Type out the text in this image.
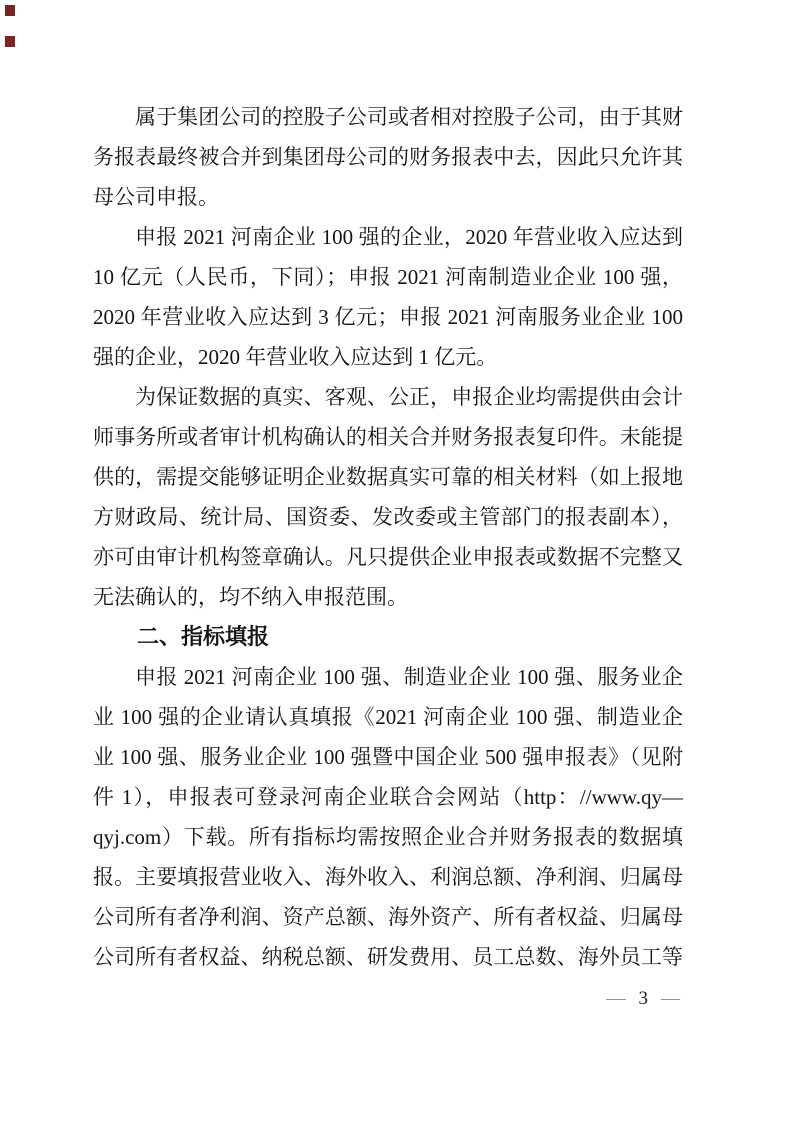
属于集团公司的控股子公司或者相对控股子公司，由于其财
务报表最终被合并到集团母公司的财务报表中去，因此只允许其
母公司申报。
申报 2021 河南企业 100 强的企业，2020 年营业收入应达到
10 亿元（人民币，下同）；申报 2021 河南制造业企业 100 强，
2020 年营业收入应达到 3 亿元；申报 2021 河南服务业企业 100
强的企业，2020 年营业收入应达到 1 亿元。
为保证数据的真实、客观、公正，申报企业均需提供由会计
师事务所或者审计机构确认的相关合并财务报表复印件。未能提
供的，需提交能够证明企业数据真实可靠的相关材料（如上报地
方财政局、统计局、国资委、发改委或主管部门的报表副本），
亦可由审计机构签章确认。凡只提供企业申报表或数据不完整又
无法确认的，均不纳入申报范围。
二、指标填报
申报 2021 河南企业 100 强、制造业企业 100 强、服务业企
业 100 强的企业请认真填报《2021 河南企业 100 强、制造业企
业 100 强、服务业企业 100 强暨中国企业 500 强申报表》（见附
件 1），申报表可登录河南企业联合会网站（http：//www.qy—
qyj.com）下载。所有指标均需按照企业合并财务报表的数据填
报。主要填报营业收入、海外收入、利润总额、净利润、归属母
公司所有者净利润、资产总额、海外资产、所有者权益、归属母
公司所有者权益、纳税总额、研发费用、员工总数、海外员工等
— 3 —
